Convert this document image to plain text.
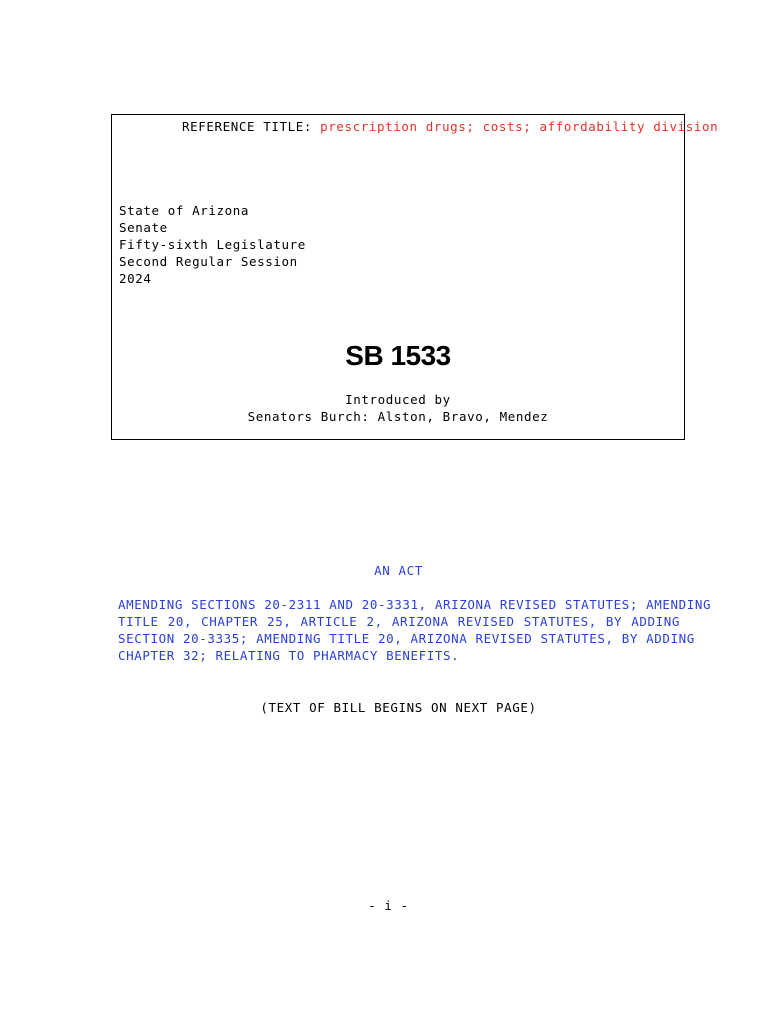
REFERENCE TITLE: prescription drugs; costs; affordability division
State of Arizona
Senate
Fifty-sixth Legislature
Second Regular Session
2024
SB 1533
Introduced by
Senators Burch: Alston, Bravo, Mendez
AN ACT
AMENDING SECTIONS 20-2311 AND 20-3331, ARIZONA REVISED STATUTES; AMENDING
TITLE 20, CHAPTER 25, ARTICLE 2, ARIZONA REVISED STATUTES, BY ADDING
SECTION 20-3335; AMENDING TITLE 20, ARIZONA REVISED STATUTES, BY ADDING
CHAPTER 32; RELATING TO PHARMACY BENEFITS.
(TEXT OF BILL BEGINS ON NEXT PAGE)
- i -
